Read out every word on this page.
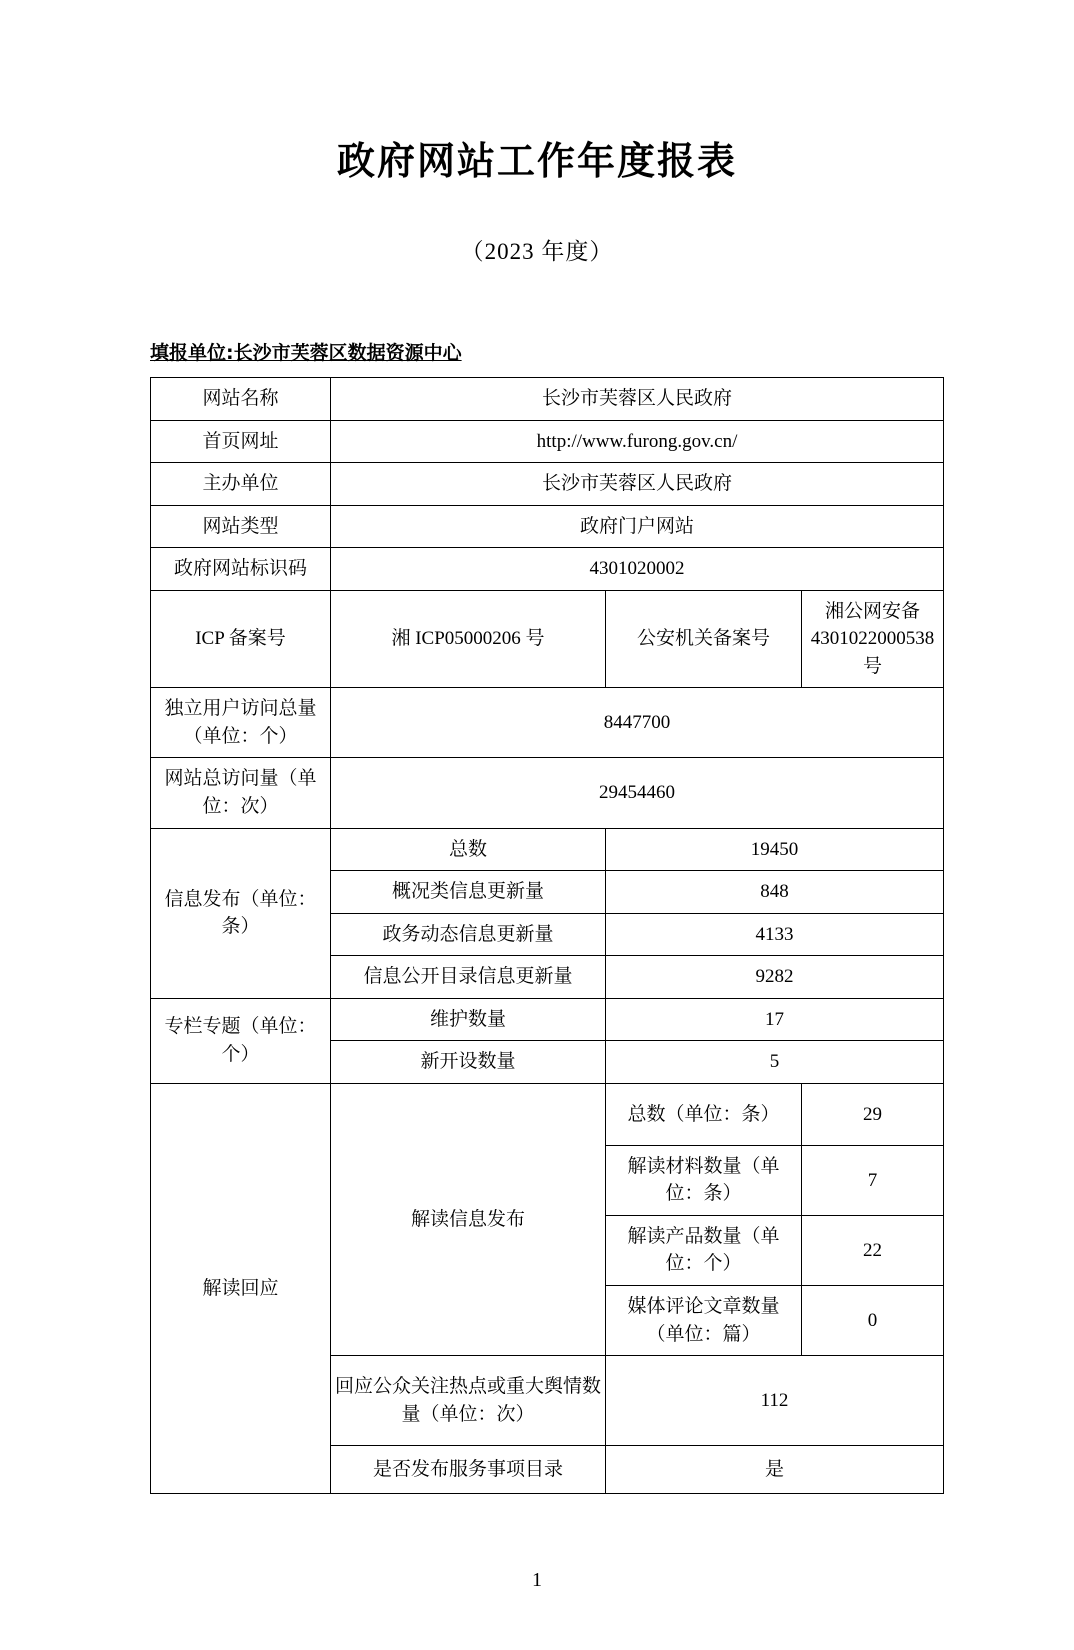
政府网站工作年度报表
（2023 年度）
填报单位:长沙市芙蓉区数据资源中心
网站名称	长沙市芙蓉区人民政府		
首页网址	http://www.furong.gov.cn/		
主办单位	长沙市芙蓉区人民政府		
网站类型	政府门户网站		
政府网站标识码	4301020002		
ICP 备案号	湘 ICP05000206 号	公安机关备案号	湘公网安备 4301022000538 号
独立用户访问总量（单位：个）	8447700		
网站总访问量（单位：次）	29454460		
信息发布（单位：条）	总数	19450	
	概况类信息更新量	848	
	政务动态信息更新量	4133	
	信息公开目录信息更新量	9282	
专栏专题（单位：个）	维护数量	17	
	新开设数量	5	
解读回应	解读信息发布	总数（单位：条）	29
		解读材料数量（单位：条）	7
		解读产品数量（单位：个）	22
		媒体评论文章数量（单位：篇）	0
	回应公众关注热点或重大舆情数量（单位：次）	112	
	是否发布服务事项目录	是	
1
